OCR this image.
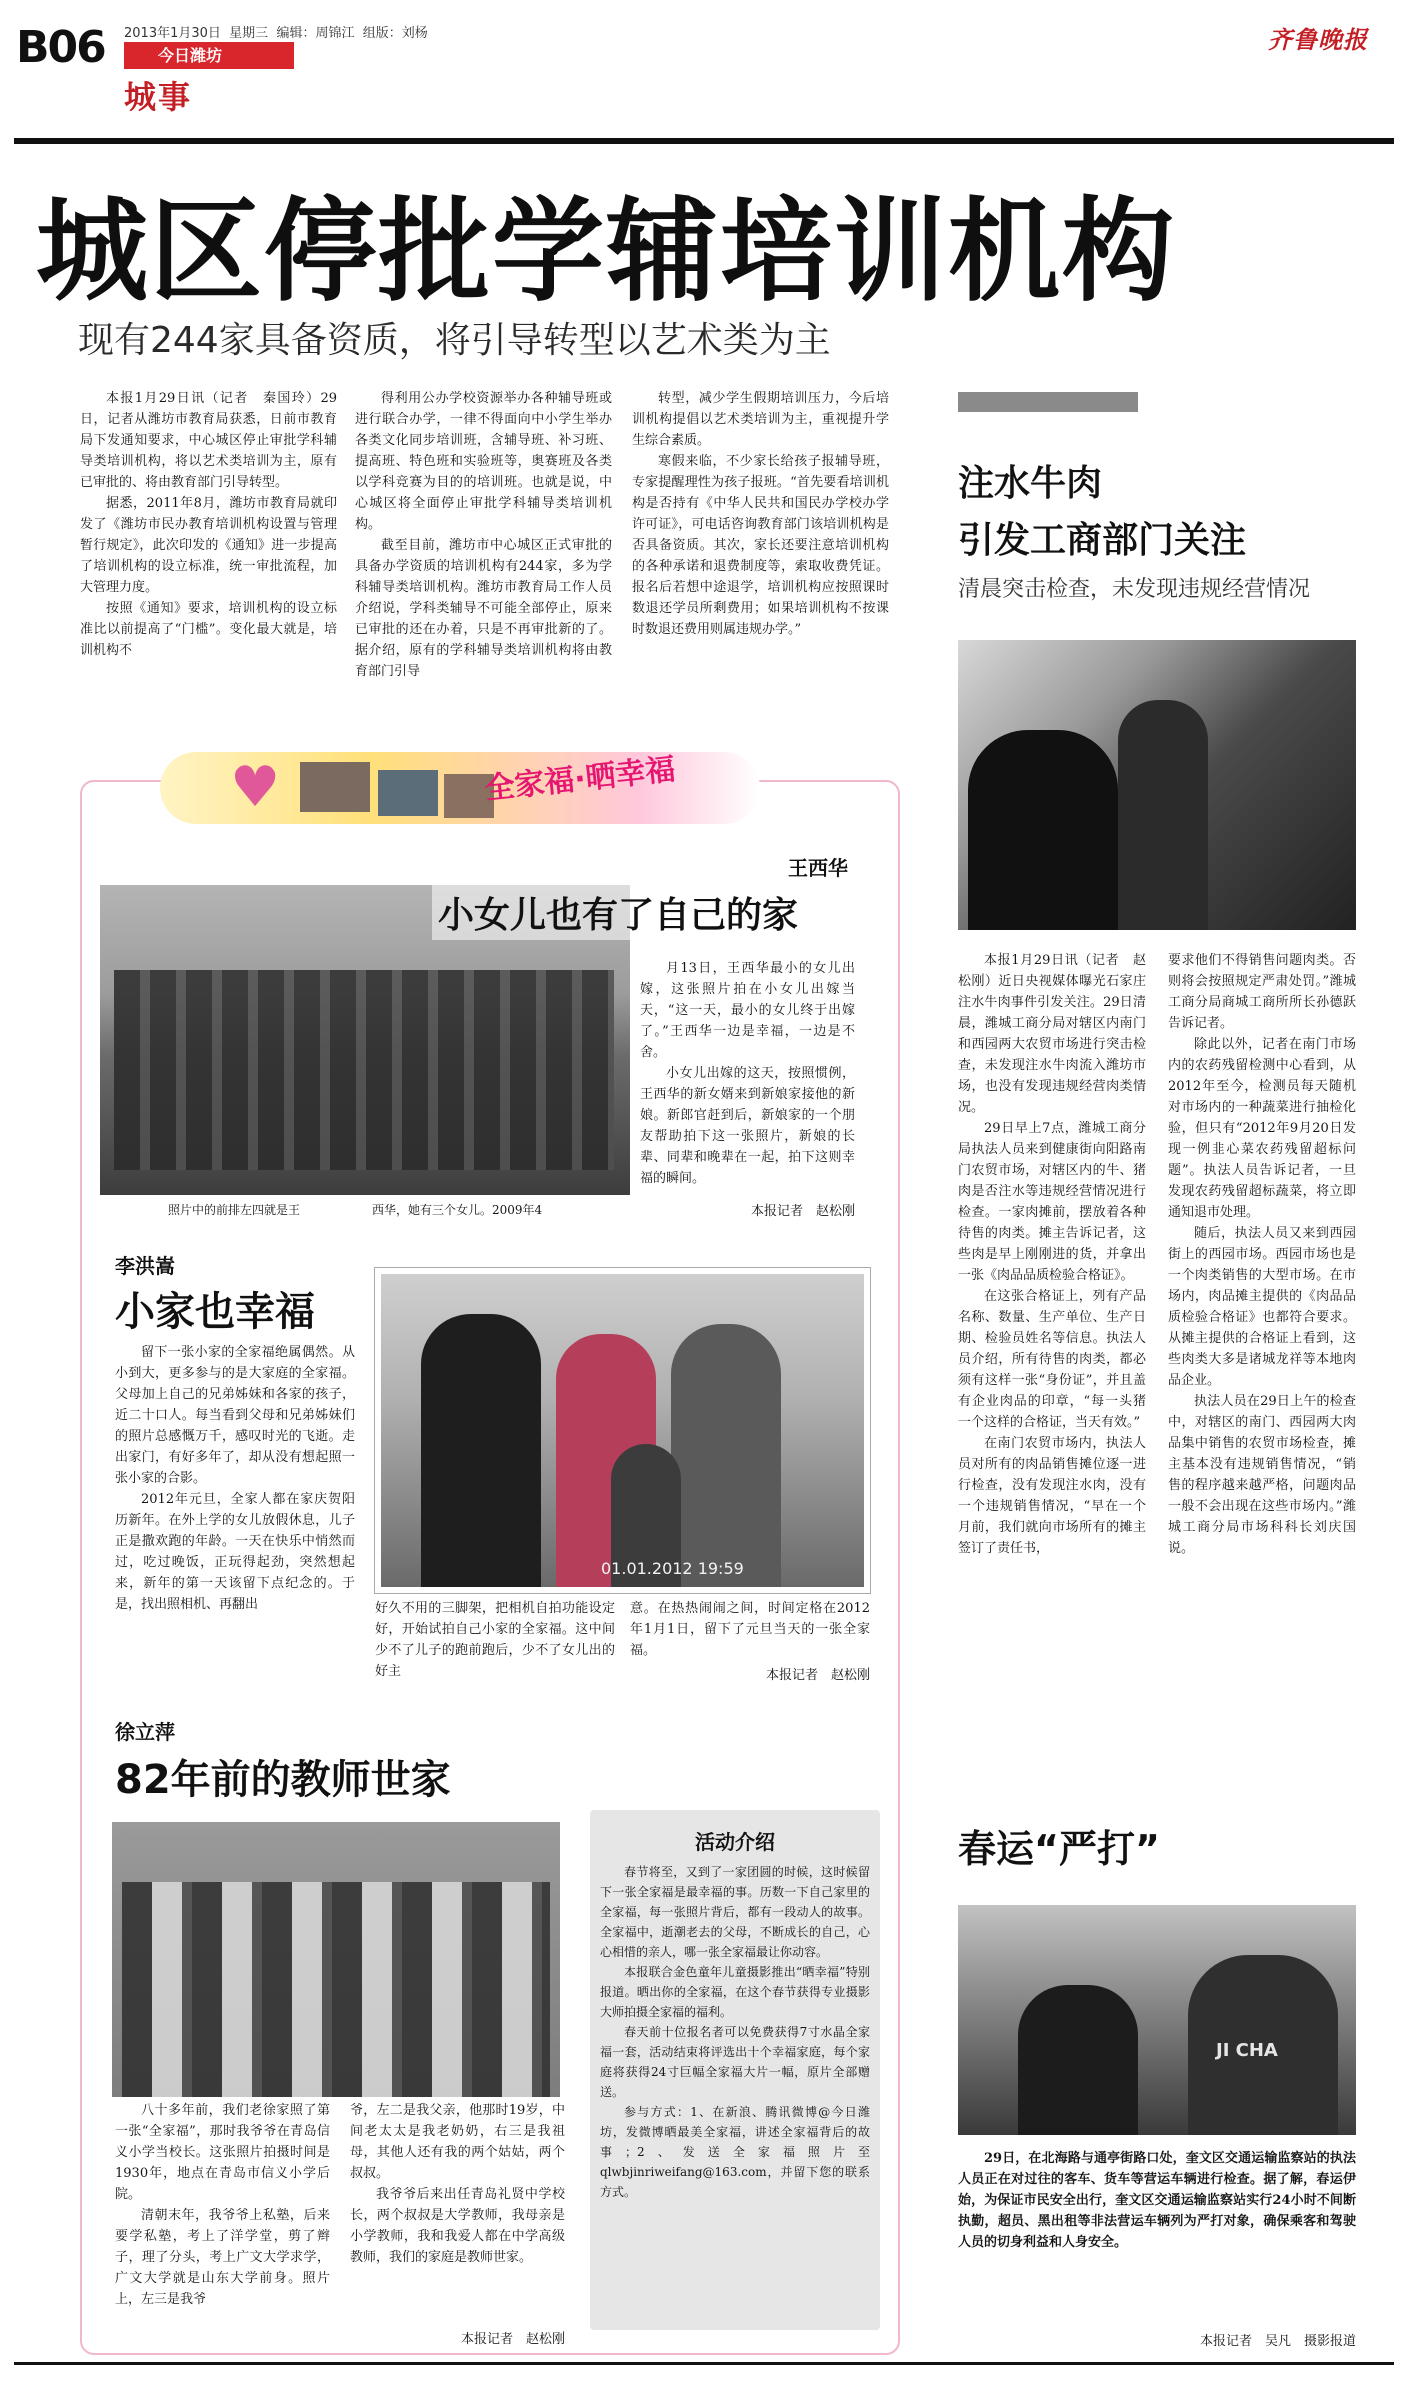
B06 2013年1月30日 星期三 编辑：周锦江 组版：刘杨
今日潍坊
城事
齐鲁晚报
城区停批学辅培训机构
现有244家具备资质，将引导转型以艺术类为主

本报1月29日讯（记者　秦国玲）29日，记者从潍坊市教育局获悉，日前市教育局下发通知要求，中心城区停止审批学科辅导类培训机构，将以艺术类培训为主，原有已审批的、将由教育部门引导转型。

据悉，2011年8月，潍坊市教育局就印发了《潍坊市民办教育培训机构设置与管理暂行规定》，此次印发的《通知》进一步提高了培训机构的设立标准，统一审批流程，加大管理力度。

按照《通知》要求，培训机构的设立标准比以前提高了“门槛”。变化最大就是，培训机构不

得利用公办学校资源举办各种辅导班或进行联合办学，一律不得面向中小学生举办各类文化同步培训班，含辅导班、补习班、提高班、特色班和实验班等，奥赛班及各类以学科竞赛为目的的培训班。也就是说，中心城区将全面停止审批学科辅导类培训机构。

截至目前，潍坊市中心城区正式审批的具备办学资质的培训机构有244家，多为学科辅导类培训机构。潍坊市教育局工作人员介绍说，学科类辅导不可能全部停止，原来已审批的还在办着，只是不再审批新的了。据介绍，原有的学科辅导类培训机构将由教育部门引导

转型，减少学生假期培训压力，今后培训机构提倡以艺术类培训为主，重视提升学生综合素质。

寒假来临，不少家长给孩子报辅导班，专家提醒理性为孩子报班。“首先要看培训机构是否持有《中华人民共和国民办学校办学许可证》，可电话咨询教育部门该培训机构是否具备资质。其次，家长还要注意培训机构的各种承诺和退费制度等，索取收费凭证。报名后若想中途退学，培训机构应按照课时数退还学员所剩费用；如果培训机构不按课时数退还费用则属违规办学。”

♥	全家福·晒幸福
王西华
小女儿也有了自己的家
照片中的前排左四就是王	西华，她有三个女儿。2009年4

月13日，王西华最小的女儿出嫁，这张照片拍在小女儿出嫁当天，“这一天，最小的女儿终于出嫁了。”王西华一边是幸福，一边是不舍。

小女儿出嫁的这天，按照惯例，王西华的新女婿来到新娘家接他的新娘。新郎官赶到后，新娘家的一个朋友帮助拍下这一张照片，新娘的长辈、同辈和晚辈在一起，拍下这则幸福的瞬间。

本报记者　赵松刚
李洪嵩
小家也幸福
01.01.2012 19:59

留下一张小家的全家福绝属偶然。从小到大，更多参与的是大家庭的全家福。父母加上自己的兄弟姊妹和各家的孩子，近二十口人。每当看到父母和兄弟姊妹们的照片总感慨万千，感叹时光的飞逝。走出家门，有好多年了，却从没有想起照一张小家的合影。

2012年元旦，全家人都在家庆贺阳历新年。在外上学的女儿放假休息，儿子正是撒欢跑的年龄。一天在快乐中悄然而过，吃过晚饭，正玩得起劲，突然想起来，新年的第一天该留下点纪念的。于是，找出照相机、再翻出	好久不用的三脚架，把相机自拍功能设定好，开始试拍自己小家的全家福。这中间少不了儿子的跑前跑后，少不了女儿出的好主

意。在热热闹闹之间，时间定格在2012年1月1日，留下了元旦当天的一张全家福。

本报记者　赵松刚
徐立萍
82年前的教师世家

八十多年前，我们老徐家照了第一张“全家福”，那时我爷爷在青岛信义小学当校长。这张照片拍摄时间是1930年，地点在青岛市信义小学后院。

清朝末年，我爷爷上私塾，后来要学私塾，考上了洋学堂，剪了辫子，理了分头，考上广文大学求学，广文大学就是山东大学前身。照片上，左三是我爷

爷，左二是我父亲，他那时19岁，中间老太太是我老奶奶，右三是我祖母，其他人还有我的两个姑姑，两个叔叔。

我爷爷后来出任青岛礼贤中学校长，两个叔叔是大学教师，我母亲是小学教师，我和我爱人都在中学高级教师，我们的家庭是教师世家。

本报记者　赵松刚
活动介绍

春节将至，又到了一家团圆的时候，这时候留下一张全家福是最幸福的事。历数一下自己家里的全家福，每一张照片背后，都有一段动人的故事。全家福中，逝潮老去的父母，不断成长的自己，心心相惜的亲人，哪一张全家福最让你动容。

本报联合金色童年儿童摄影推出“晒幸福”特别报道。晒出你的全家福，在这个春节获得专业摄影大师拍摄全家福的福利。

春天前十位报名者可以免费获得7寸水晶全家福一套，活动结束将评选出十个幸福家庭，每个家庭将获得24寸巨幅全家福大片一幅，原片全部赠送。

参与方式：1、在新浪、腾讯微博@今日潍坊，发微博晒最美全家福，讲述全家福背后的故事；2、发送全家福照片至qlwbjinriweifang@163.com，并留下您的联系方式。

注水牛肉
引发工商部门关注
清晨突击检查，未发现违规经营情况

本报1月29日讯（记者　赵松刚）近日央视媒体曝光石家庄注水牛肉事件引发关注。29日清晨，潍城工商分局对辖区内南门和西园两大农贸市场进行突击检查，未发现注水牛肉流入潍坊市场，也没有发现违规经营肉类情况。

29日早上7点，潍城工商分局执法人员来到健康街向阳路南门农贸市场，对辖区内的牛、猪肉是否注水等违规经营情况进行检查。一家肉摊前，摆放着各种待售的肉类。摊主告诉记者，这些肉是早上刚刚进的货，并拿出一张《肉品品质检验合格证》。

在这张合格证上，列有产品名称、数量、生产单位、生产日期、检验员姓名等信息。执法人员介绍，所有待售的肉类，都必须有这样一张“身份证”，并且盖有企业肉品的印章，“每一头猪一个这样的合格证，当天有效。”

在南门农贸市场内，执法人员对所有的肉品销售摊位逐一进行检查，没有发现注水肉，没有一个违规销售情况，“早在一个月前，我们就向市场所有的摊主签订了责任书，

要求他们不得销售问题肉类。否则将会按照规定严肃处罚。”潍城工商分局商城工商所所长孙德跃告诉记者。

除此以外，记者在南门市场内的农药残留检测中心看到，从2012年至今，检测员每天随机对市场内的一种蔬菜进行抽检化验，但只有“2012年9月20日发现一例韭心菜农药残留超标问题”。执法人员告诉记者，一旦发现农药残留超标蔬菜，将立即通知退市处理。

随后，执法人员又来到西园街上的西园市场。西园市场也是一个肉类销售的大型市场。在市场内，肉品摊主提供的《肉品品质检验合格证》也都符合要求。从摊主提供的合格证上看到，这些肉类大多是诸城龙祥等本地肉品企业。

执法人员在29日上午的检查中，对辖区的南门、西园两大肉品集中销售的农贸市场检查，摊主基本没有违规销售情况，“销售的程序越来越严格，问题肉品一般不会出现在这些市场内。”潍城工商分局市场科科长刘庆国说。

春运“严打”
JI CHA

29日，在北海路与通亭街路口处，奎文区交通运输监察站的执法人员正在对过往的客车、货车等营运车辆进行检查。据了解，春运伊始，为保证市民安全出行，奎文区交通运输监察站实行24小时不间断执勤，超员、黑出租等非法营运车辆列为严打对象，确保乘客和驾驶人员的切身利益和人身安全。

本报记者　吴凡　摄影报道
